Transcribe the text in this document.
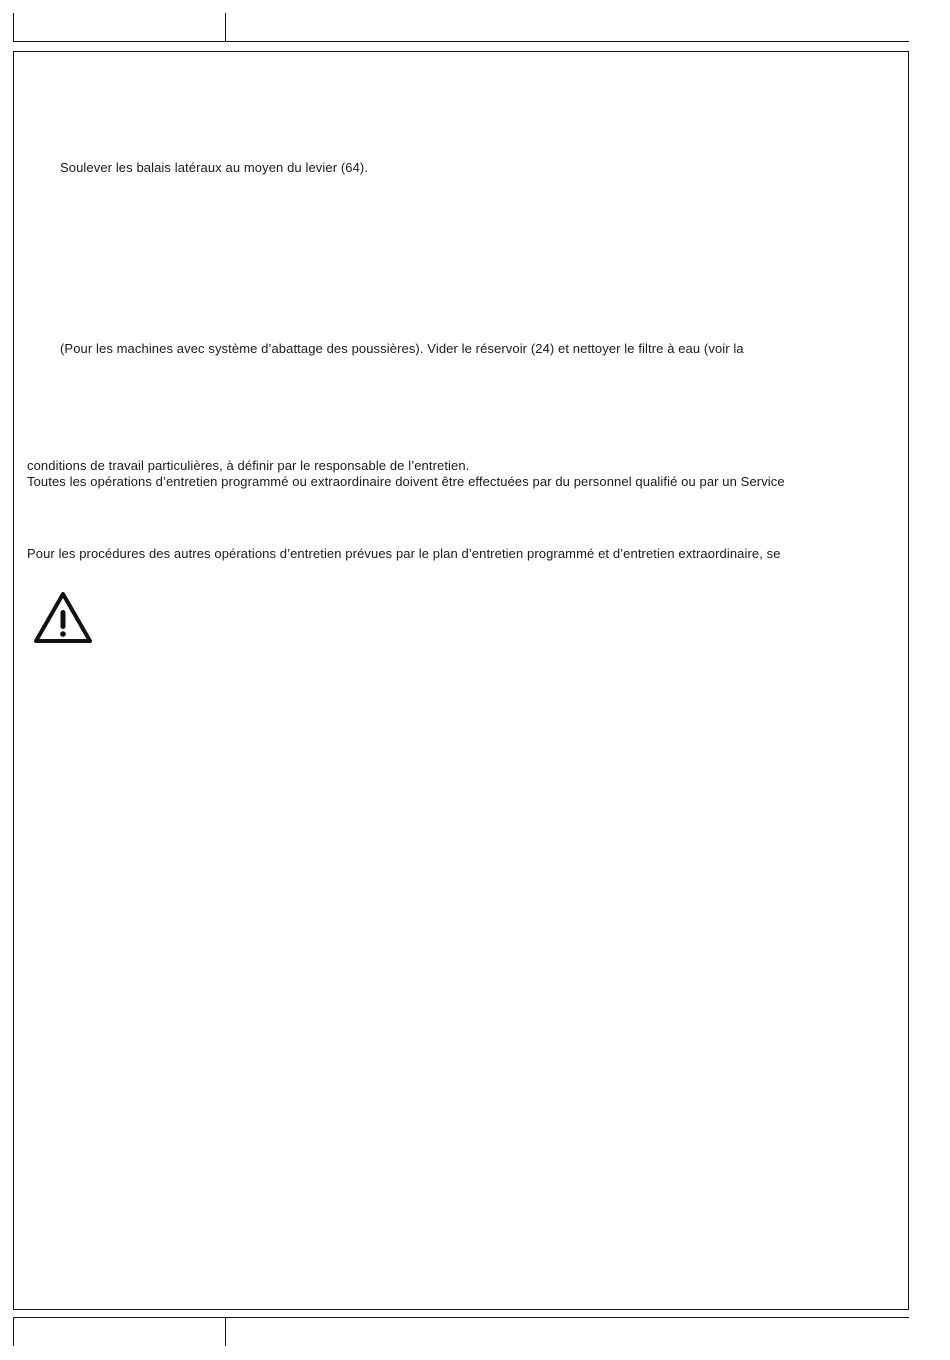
Soulever les balais latéraux au moyen du levier (64).
(Pour les machines avec système d’abattage des poussières). Vider le réservoir (24) et nettoyer le filtre à eau (voir la
conditions de travail particulières, à définir par le responsable de l’entretien.
Toutes les opérations d’entretien programmé ou extraordinaire doivent être effectuées par du personnel qualifié ou par un Service
Pour les procédures des autres opérations d’entretien prévues par le plan d’entretien programmé et d’entretien extraordinaire, se
